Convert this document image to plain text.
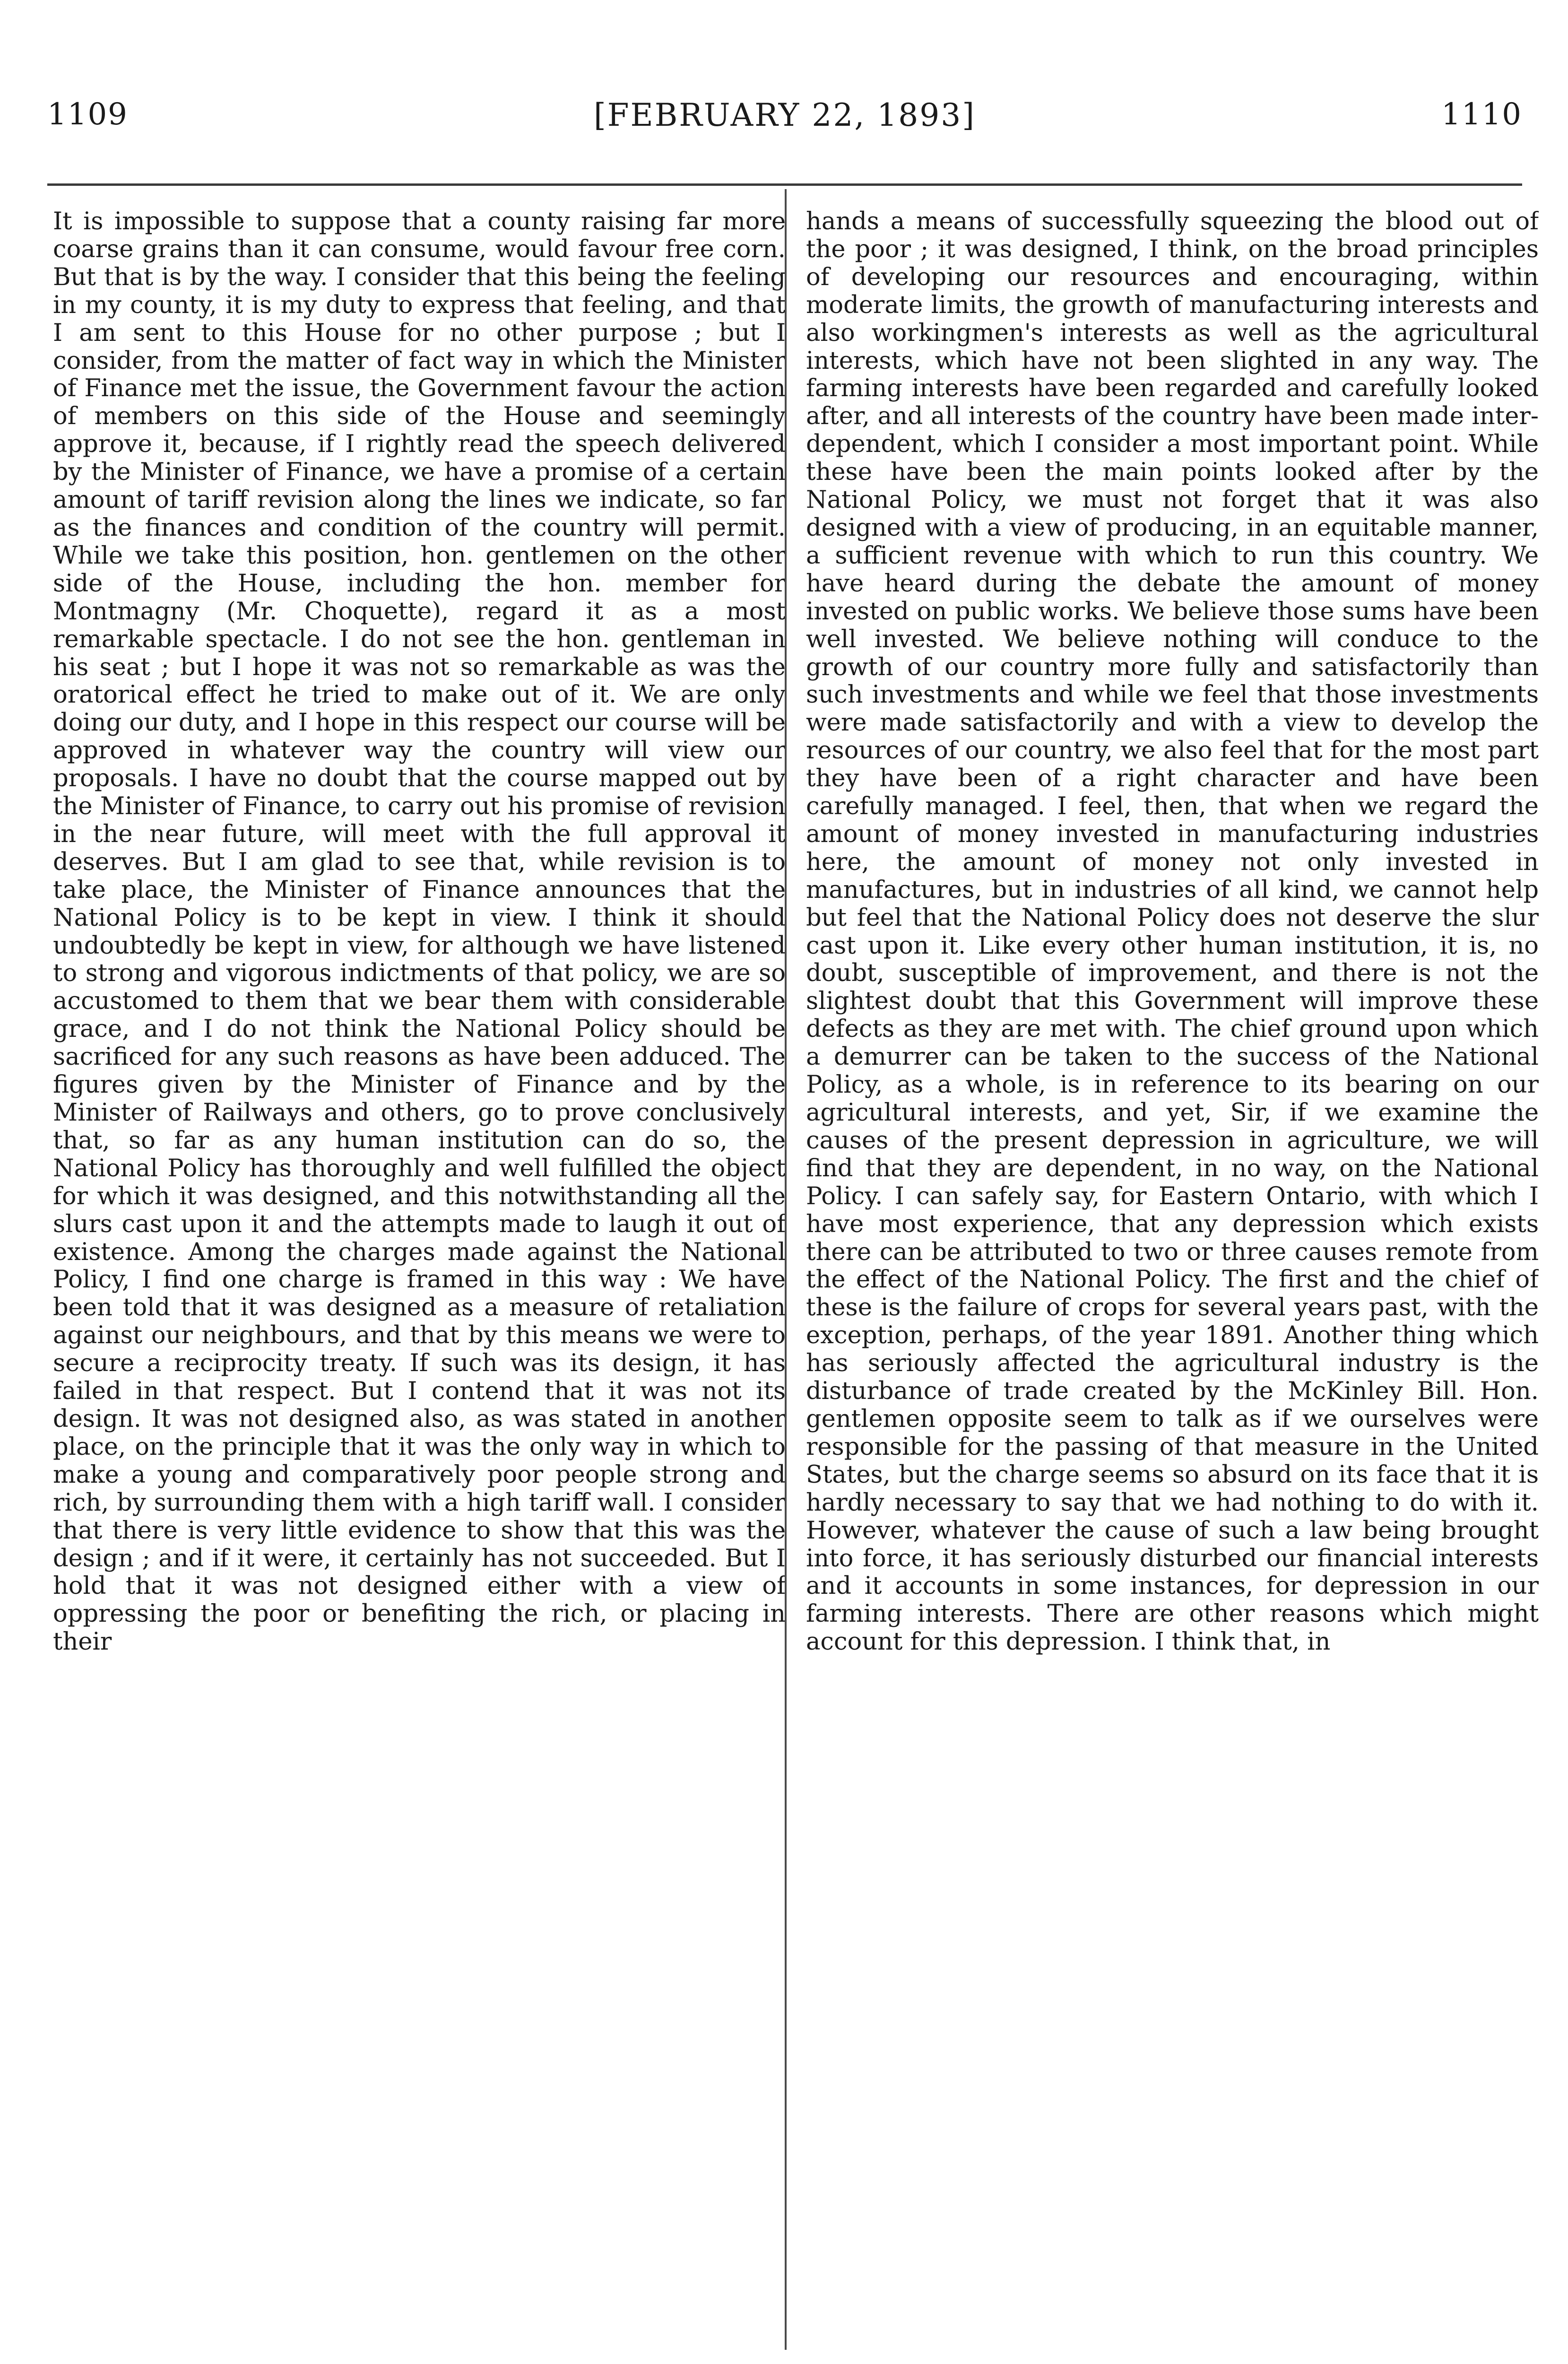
1109	[FEBRUARY 22, 1893]	1110

It is impossible to suppose that a county raising far more coarse grains than it can consume, would favour free corn. But that is by the way. I consider that this being the feeling in my county, it is my duty to express that feeling, and that I am sent to this House for no other purpose ; but I consider, from the matter of fact way in which the Minister of Finance met the issue, the Government favour the action of members on this side of the House and seemingly approve it, because, if I rightly read the speech delivered by the Minister of Finance, we have a promise of a certain amount of tariff revision along the lines we indicate, so far as the finances and condition of the country will permit. While we take this position, hon. gentlemen on the other side of the House, including the hon. member for Montmagny (Mr. Choquette), regard it as a most remarkable spectacle. I do not see the hon. gentleman in his seat ; but I hope it was not so remarkable as was the oratorical effect he tried to make out of it. We are only doing our duty, and I hope in this respect our course will be approved in whatever way the country will view our proposals. I have no doubt that the course mapped out by the Minister of Finance, to carry out his promise of revision in the near future, will meet with the full approval it deserves. But I am glad to see that, while revision is to take place, the Minister of Finance announces that the National Policy is to be kept in view. I think it should undoubtedly be kept in view, for although we have listened to strong and vigorous indictments of that policy, we are so accustomed to them that we bear them with considerable grace, and I do not think the National Policy should be sacrificed for any such reasons as have been adduced. The figures given by the Minister of Finance and by the Minister of Railways and others, go to prove conclusively that, so far as any human institution can do so, the National Policy has thoroughly and well fulfilled the object for which it was designed, and this notwithstanding all the slurs cast upon it and the attempts made to laugh it out of existence. Among the charges made against the National Policy, I find one charge is framed in this way : We have been told that it was designed as a measure of retaliation against our neighbours, and that by this means we were to secure a reciprocity treaty. If such was its design, it has failed in that respect. But I contend that it was not its design. It was not designed also, as was stated in another place, on the principle that it was the only way in which to make a young and comparatively poor people strong and rich, by surrounding them with a high tariff wall. I consider that there is very little evidence to show that this was the design ; and if it were, it certainly has not succeeded. But I hold that it was not designed either with a view of oppressing the poor or benefiting the rich, or placing in their

hands a means of successfully squeezing the blood out of the poor ; it was designed, I think, on the broad principles of developing our resources and encouraging, within moderate limits, the growth of manufacturing interests and also workingmen's interests as well as the agricultural interests, which have not been slighted in any way. The farming interests have been regarded and carefully looked after, and all interests of the country have been made inter-dependent, which I consider a most important point. While these have been the main points looked after by the National Policy, we must not forget that it was also designed with a view of producing, in an equitable manner, a sufficient revenue with which to run this country. We have heard during the debate the amount of money invested on public works. We believe those sums have been well invested. We believe nothing will conduce to the growth of our country more fully and satisfactorily than such investments and while we feel that those investments were made satisfactorily and with a view to develop the resources of our country, we also feel that for the most part they have been of a right character and have been carefully managed. I feel, then, that when we regard the amount of money invested in manufacturing industries here, the amount of money not only invested in manufactures, but in industries of all kind, we cannot help but feel that the National Policy does not deserve the slur cast upon it. Like every other human institution, it is, no doubt, susceptible of improvement, and there is not the slightest doubt that this Government will improve these defects as they are met with. The chief ground upon which a demurrer can be taken to the success of the National Policy, as a whole, is in reference to its bearing on our agricultural interests, and yet, Sir, if we examine the causes of the present depression in agriculture, we will find that they are dependent, in no way, on the National Policy. I can safely say, for Eastern Ontario, with which I have most experience, that any depression which exists there can be attributed to two or three causes remote from the effect of the National Policy. The first and the chief of these is the failure of crops for several years past, with the exception, perhaps, of the year 1891. Another thing which has seriously affected the agricultural industry is the disturbance of trade created by the McKinley Bill. Hon. gentlemen opposite seem to talk as if we ourselves were responsible for the passing of that measure in the United States, but the charge seems so absurd on its face that it is hardly necessary to say that we had nothing to do with it. However, whatever the cause of such a law being brought into force, it has seriously disturbed our financial interests and it accounts in some instances, for depression in our farming interests. There are other reasons which might account for this depression. I think that, in
